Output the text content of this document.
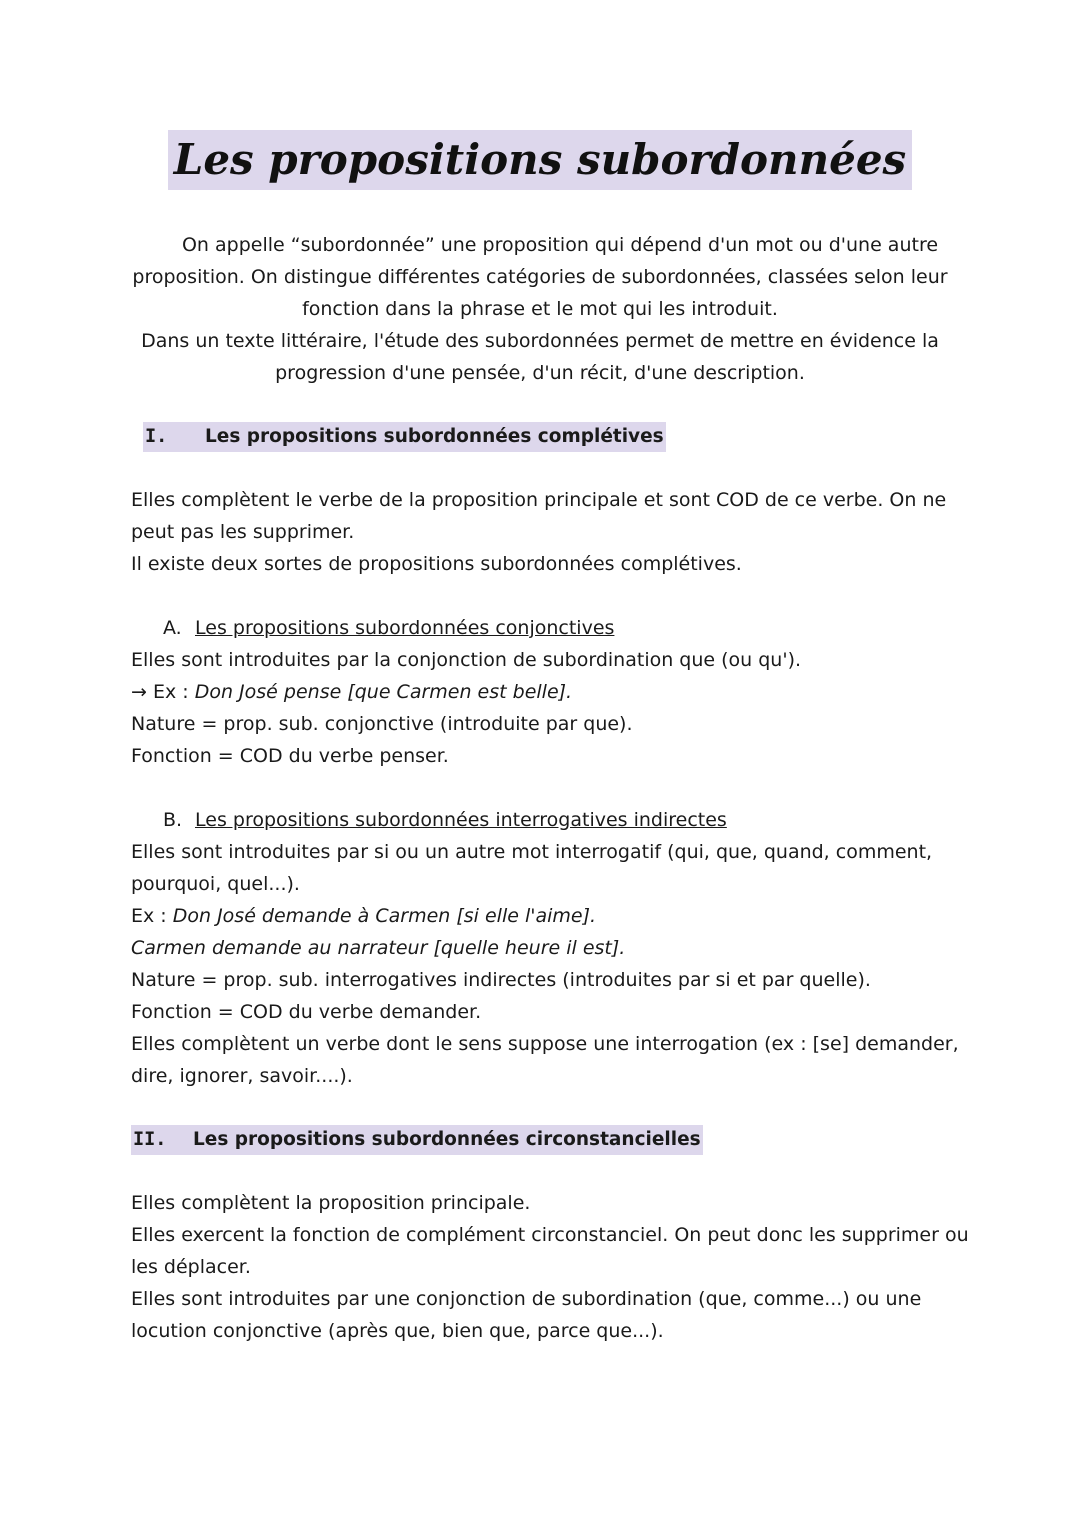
Les propositions subordonnées

On appelle “subordonnée” une proposition qui dépend d'un mot ou d'une autre

proposition. On distingue différentes catégories de subordonnées, classées selon leur

fonction dans la phrase et le mot qui les introduit.

Dans un texte littéraire, l'étude des subordonnées permet de mettre en évidence la

progression d'une pensée, d'un récit, d'une description.

I. Les propositions subordonnées complétives
Elles complètent le verbe de la proposition principale et sont COD de ce verbe. On ne
peut pas les supprimer.
Il existe deux sortes de propositions subordonnées complétives.
A. Les propositions subordonnées conjonctives
Elles sont introduites par la conjonction de subordination que (ou qu').
→ Ex : Don José pense [que Carmen est belle].
Nature = prop. sub. conjonctive (introduite par que).
Fonction = COD du verbe penser.
B. Les propositions subordonnées interrogatives indirectes
Elles sont introduites par si ou un autre mot interrogatif (qui, que, quand, comment,
pourquoi, quel...).
Ex : Don José demande à Carmen [si elle l'aime].
Carmen demande au narrateur [quelle heure il est].
Nature = prop. sub. interrogatives indirectes (introduites par si et par quelle).
Fonction = COD du verbe demander.
Elles complètent un verbe dont le sens suppose une interrogation (ex : [se] demander,
dire, ignorer, savoir....).
II. Les propositions subordonnées circonstancielles
Elles complètent la proposition principale.
Elles exercent la fonction de complément circonstanciel. On peut donc les supprimer ou
les déplacer.
Elles sont introduites par une conjonction de subordination (que, comme...) ou une
locution conjonctive (après que, bien que, parce que...).
